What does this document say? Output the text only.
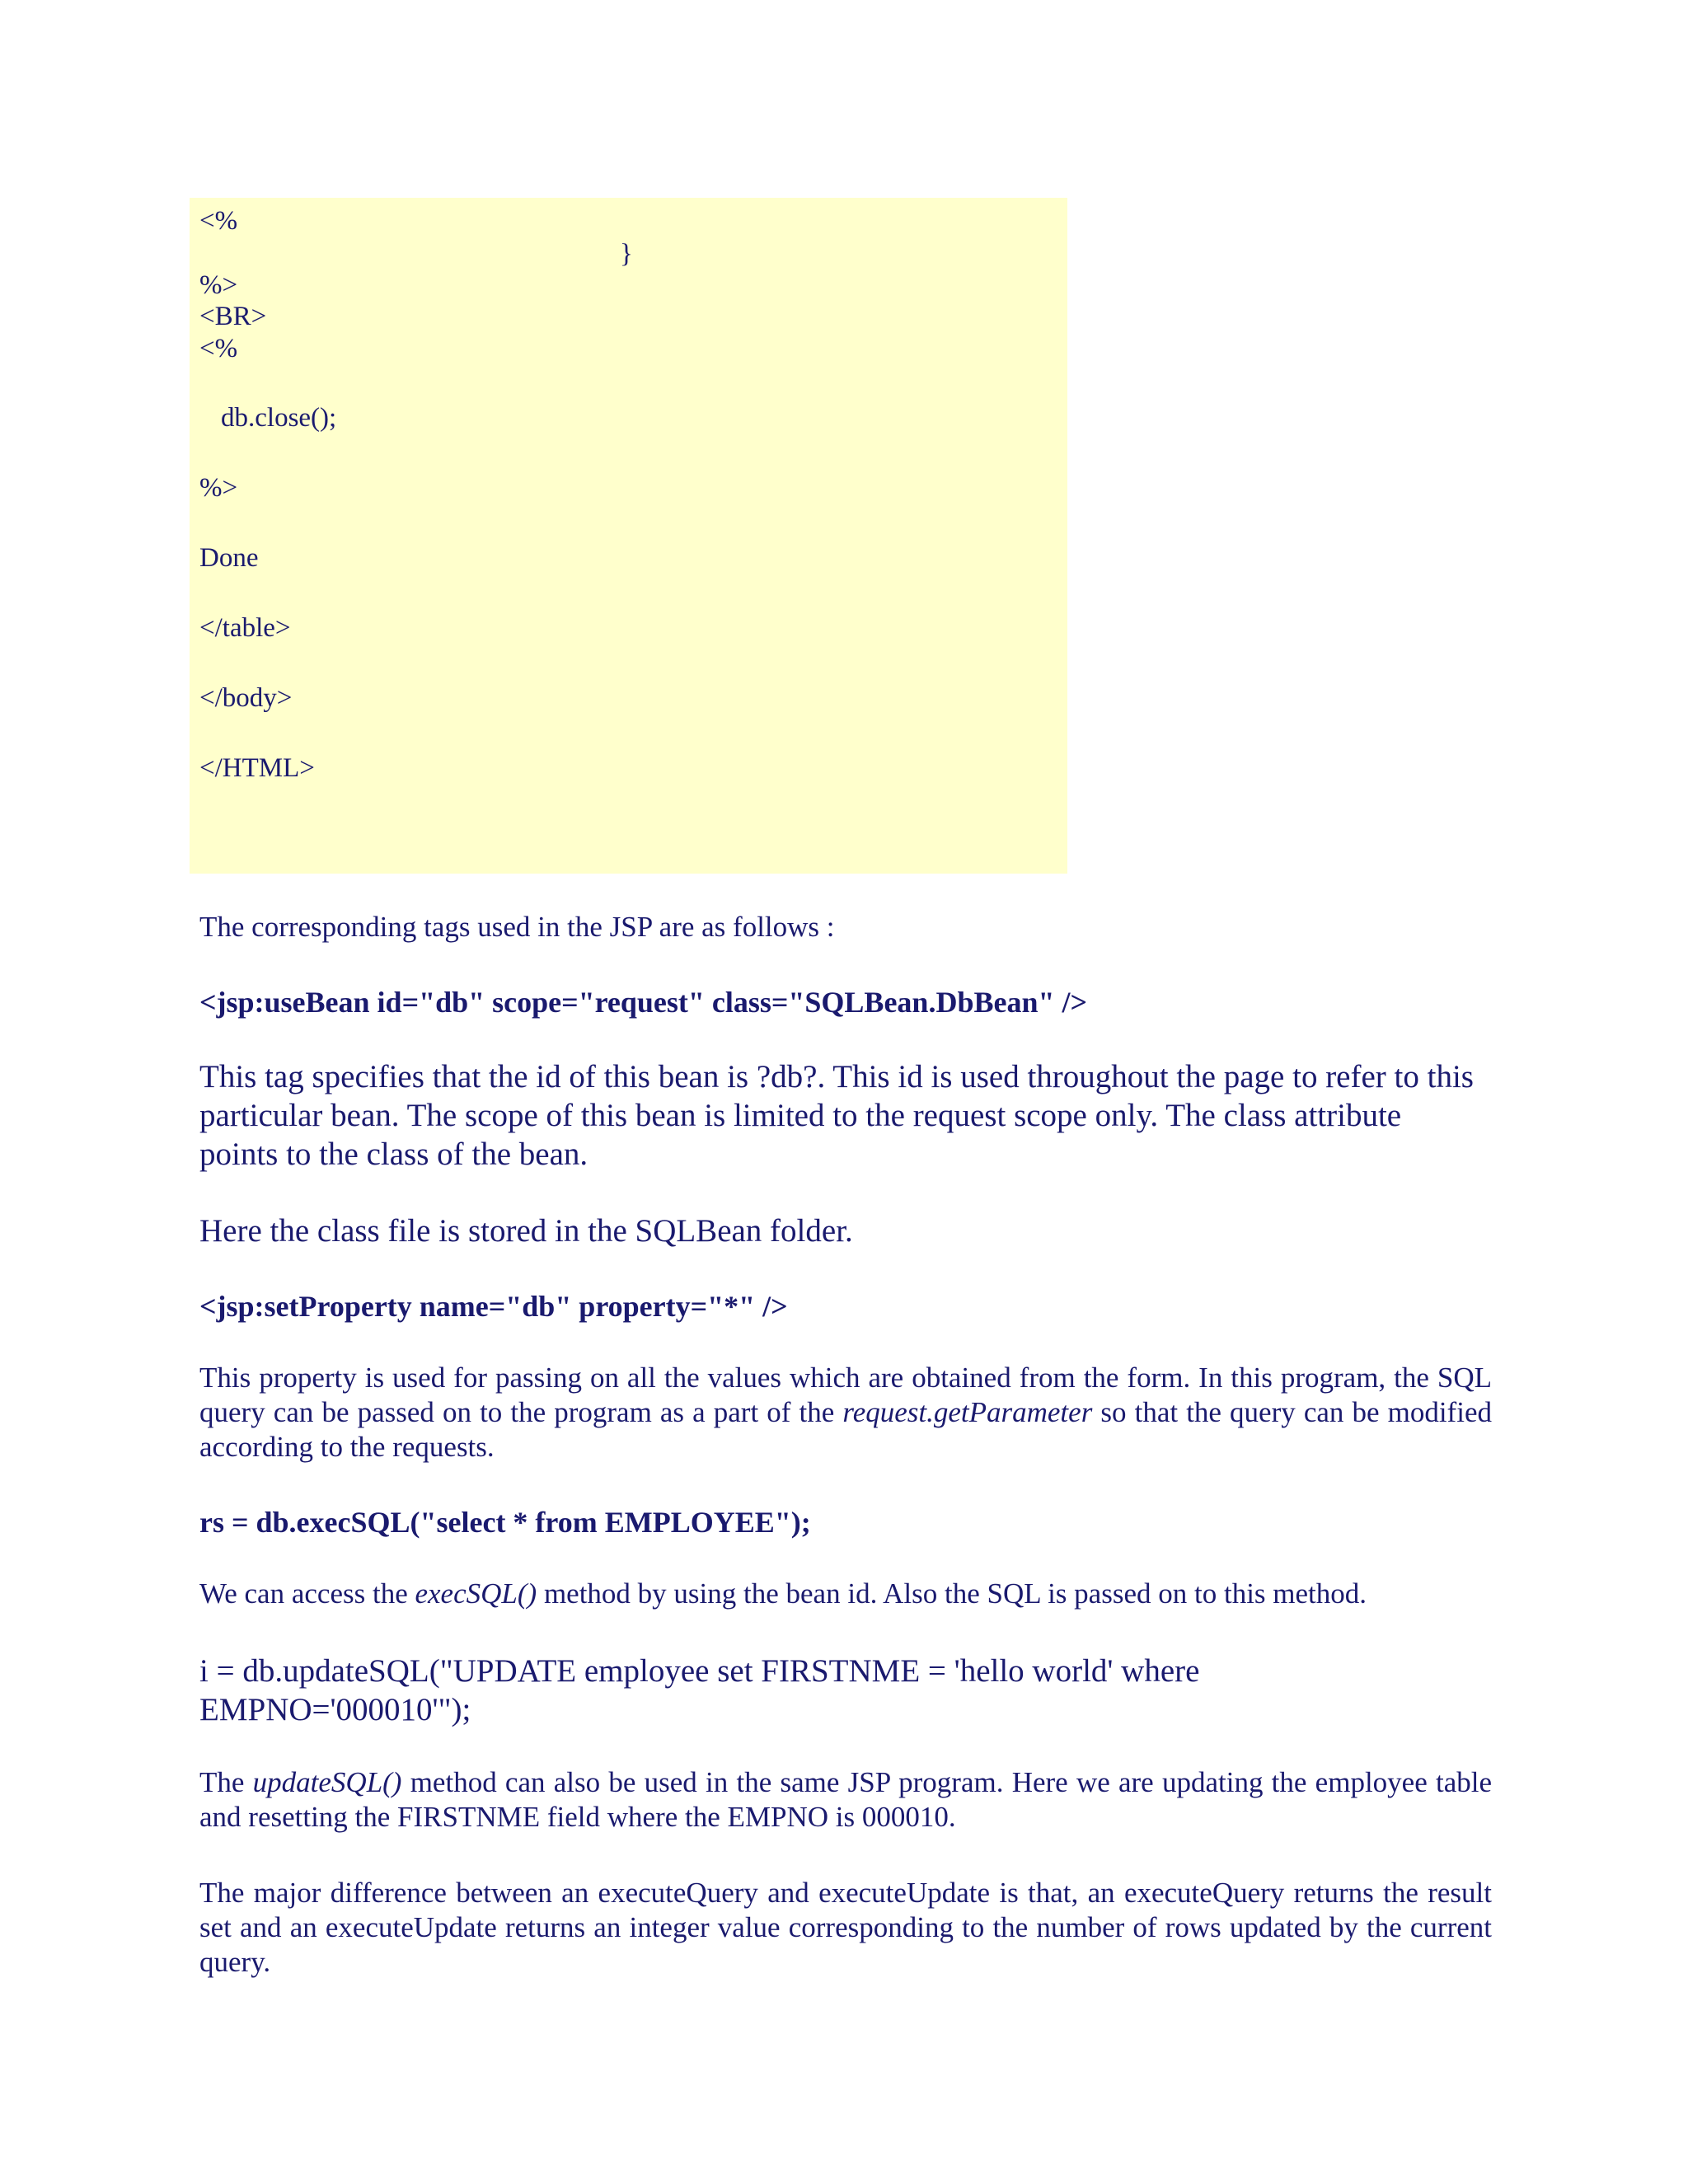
<%
}
%>
<BR>
<%
db.close();
%>
Done
</table>
</body>
</HTML>
The corresponding tags used in the JSP are as follows :
<jsp:useBean id="db" scope="request" class="SQLBean.DbBean" />
This tag specifies that the id of this bean is ?db?. This id is used throughout the page to refer to this particular bean. The scope of this bean is limited to the request scope only. The class attribute points to the class of the bean.
Here the class file is stored in the SQLBean folder.
<jsp:setProperty name="db" property="*" />
This property is used for passing on all the values which are obtained from the form. In this program, the SQL query can be passed on to the program as a part of the request.getParameter so that the query can be modified according to the requests.
rs = db.execSQL("select * from EMPLOYEE");
We can access the execSQL() method by using the bean id. Also the SQL is passed on to this method.
i = db.updateSQL("UPDATE employee set FIRSTNME = 'hello world' where EMPNO='000010'");
The updateSQL() method can also be used in the same JSP program. Here we are updating the employee table and resetting the FIRSTNME field where the EMPNO is 000010.
The major difference between an executeQuery and executeUpdate is that, an executeQuery returns the result set and an executeUpdate returns an integer value corresponding to the number of rows updated by the current query.
